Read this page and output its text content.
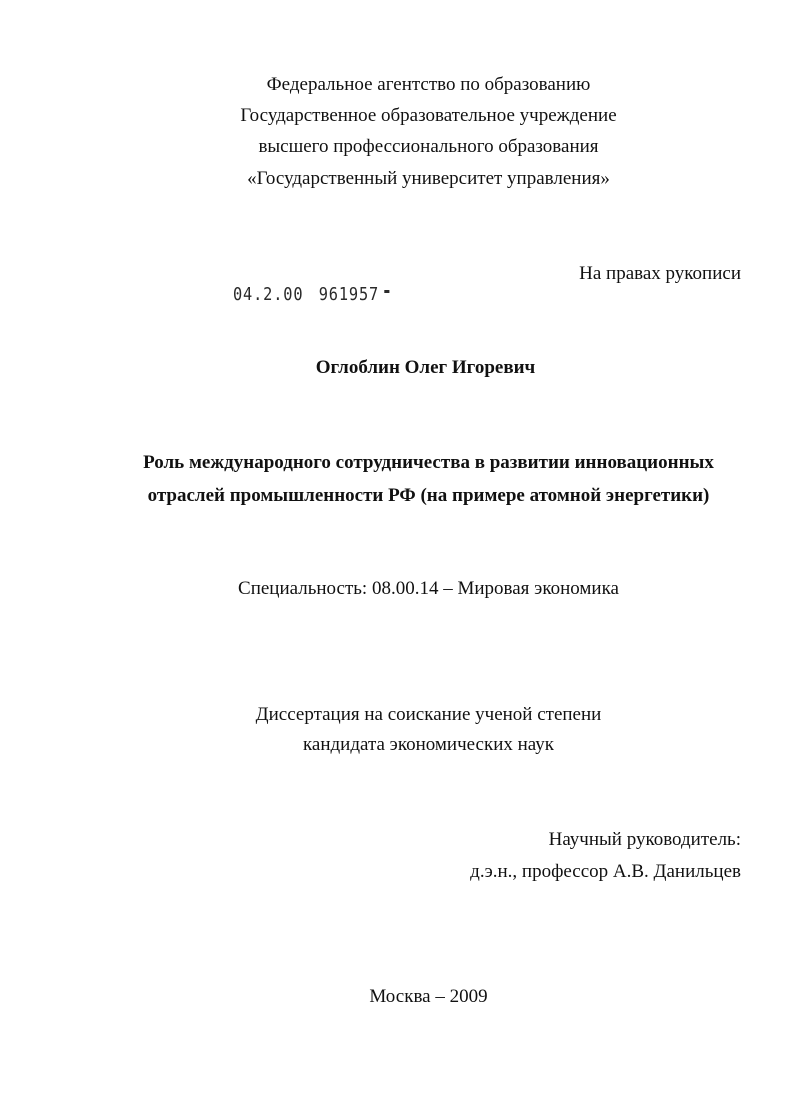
Федеральное агентство по образованию
Государственное образовательное учреждение
высшего профессионального образования
«Государственный университет управления»
На правах рукописи
04.2.00 961957
Оглоблин Олег Игоревич
Роль международного сотрудничества в развитии инновационных
отраслей промышленности РФ (на примере атомной энергетики)
Специальность: 08.00.14 – Мировая экономика
Диссертация на соискание ученой степени
кандидата экономических наук
Научный руководитель:
д.э.н., профессор А.В. Данильцев
Москва – 2009
